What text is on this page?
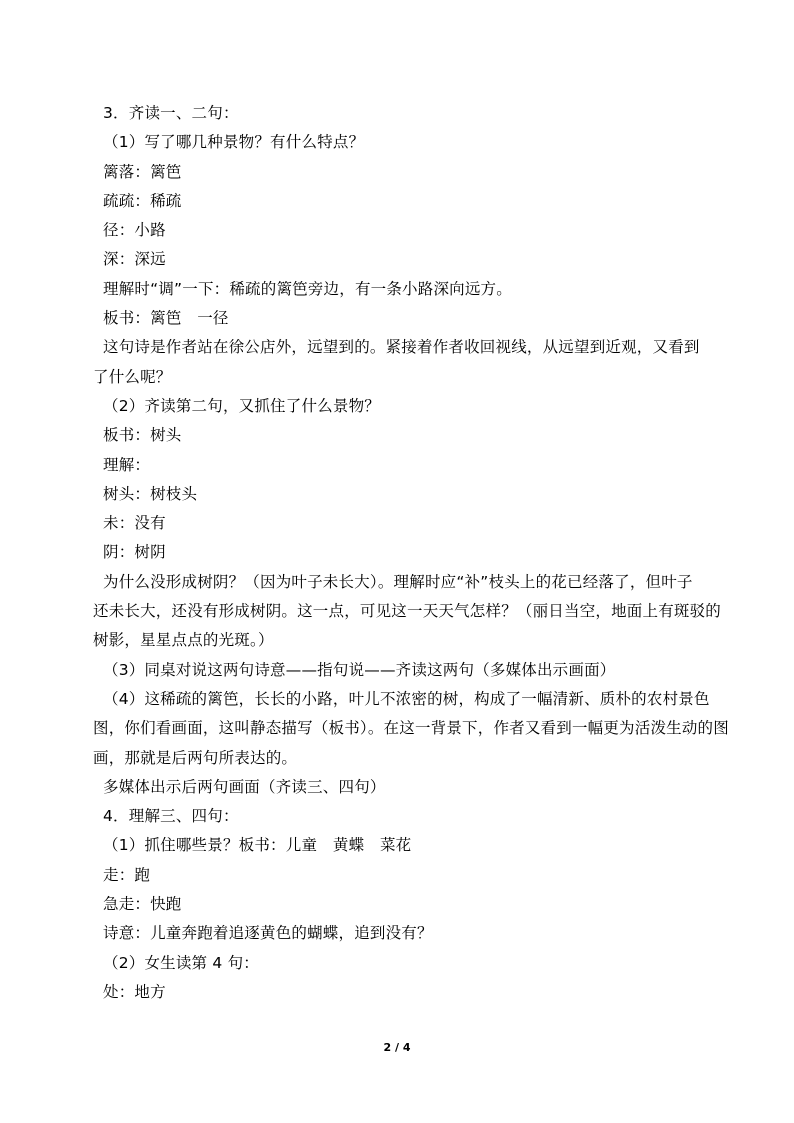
3．齐读一、二句：
（1）写了哪几种景物？有什么特点？
篱落：篱笆
疏疏：稀疏
径：小路
深：深远
理解时“调”一下：稀疏的篱笆旁边，有一条小路深向远方。
板书：篱笆　一径

这句诗是作者站在徐公店外，远望到的。紧接着作者收回视线，从远望到近观，又看到
了什么呢？

（2）齐读第二句，又抓住了什么景物？
板书：树头
理解：
树头：树枝头
未：没有
阴：树阴

为什么没形成树阴？（因为叶子未长大）。理解时应“补”枝头上的花已经落了，但叶子
还未长大，还没有形成树阴。这一点，可见这一天天气怎样？（丽日当空，地面上有斑驳的
树影，星星点点的光斑。）

（3）同桌对说这两句诗意——指句说——齐读这两句（多媒体出示画面）

（4）这稀疏的篱笆，长长的小路，叶儿不浓密的树，构成了一幅清新、质朴的农村景色
图，你们看画面，这叫静态描写（板书）。在这一背景下，作者又看到一幅更为活泼生动的图
画，那就是后两句所表达的。

多媒体出示后两句画面（齐读三、四句）
4．理解三、四句：
（1）抓住哪些景？板书：儿童　黄蝶　菜花
走：跑
急走：快跑
诗意：儿童奔跑着追逐黄色的蝴蝶，追到没有？
（2）女生读第 4 句：
处：地方
2 / 4
